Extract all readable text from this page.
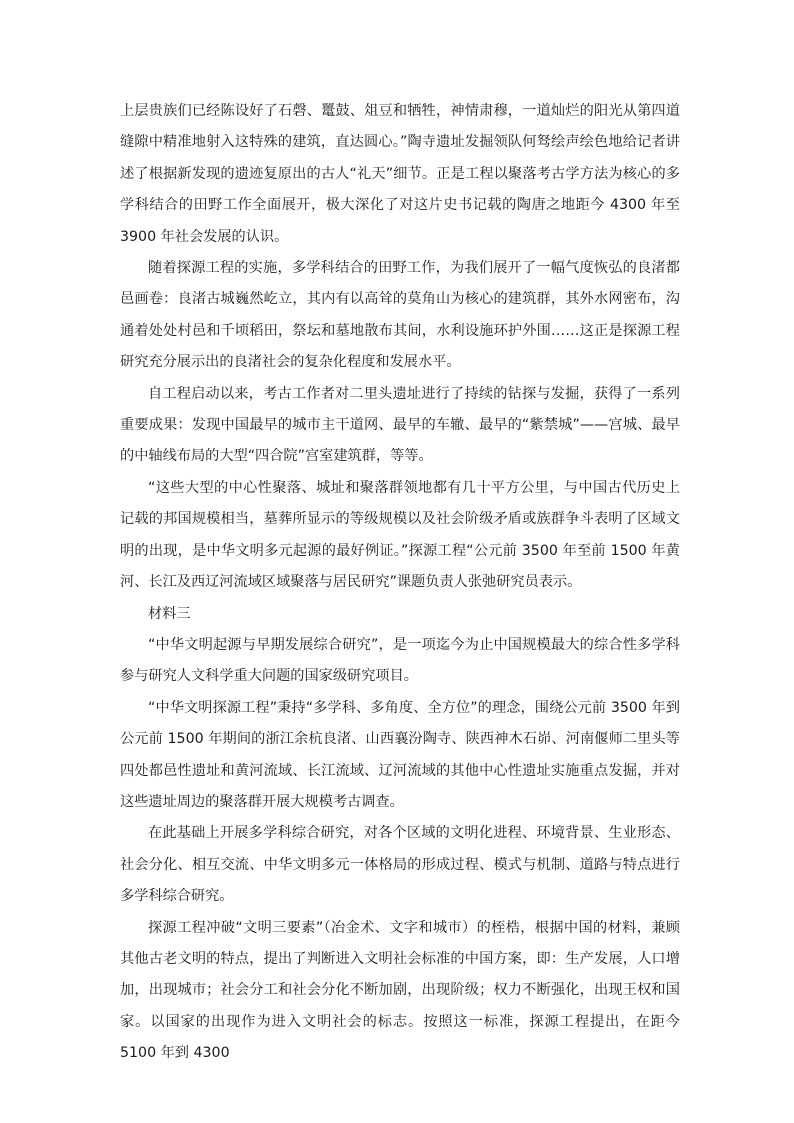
上层贵族们已经陈设好了石磬、鼍鼓、俎豆和牺牲，神情肃穆，一道灿烂的阳光从第四道缝隙中精准地射入这特殊的建筑，直达圆心。”陶寺遗址发掘领队何驽绘声绘色地给记者讲述了根据新发现的遗迹复原出的古人“礼天”细节。正是工程以聚落考古学方法为核心的多学科结合的田野工作全面展开，极大深化了对这片史书记载的陶唐之地距今 4300 年至 3900 年社会发展的认识。

随着探源工程的实施，多学科结合的田野工作，为我们展开了一幅气度恢弘的良渚都邑画卷：良渚古城巍然屹立，其内有以高耸的莫角山为核心的建筑群，其外水网密布，沟通着处处村邑和千顷稻田，祭坛和墓地散布其间，水利设施环护外围……这正是探源工程研究充分展示出的良渚社会的复杂化程度和发展水平。

自工程启动以来，考古工作者对二里头遗址进行了持续的钻探与发掘，获得了一系列重要成果：发现中国最早的城市主干道网、最早的车辙、最早的“紫禁城”——宫城、最早的中轴线布局的大型“四合院”宫室建筑群，等等。

“这些大型的中心性聚落、城址和聚落群领地都有几十平方公里，与中国古代历史上记载的邦国规模相当，墓葬所显示的等级规模以及社会阶级矛盾或族群争斗表明了区域文明的出现，是中华文明多元起源的最好例证。”探源工程“公元前 3500 年至前 1500 年黄河、长江及西辽河流域区域聚落与居民研究”课题负责人张弛研究员表示。

材料三

“中华文明起源与早期发展综合研究”，是一项迄今为止中国规模最大的综合性多学科参与研究人文科学重大问题的国家级研究项目。

“中华文明探源工程”秉持“多学科、多角度、全方位”的理念，围绕公元前 3500 年到公元前 1500 年期间的浙江余杭良渚、山西襄汾陶寺、陕西神木石峁、河南偃师二里头等四处都邑性遗址和黄河流域、长江流域、辽河流域的其他中心性遗址实施重点发掘，并对这些遗址周边的聚落群开展大规模考古调查。

在此基础上开展多学科综合研究，对各个区域的文明化进程、环境背景、生业形态、社会分化、相互交流、中华文明多元一体格局的形成过程、模式与机制、道路与特点进行多学科综合研究。

探源工程冲破“文明三要素”（冶金术、文字和城市）的桎梏，根据中国的材料，兼顾其他古老文明的特点，提出了判断进入文明社会标准的中国方案，即：生产发展，人口增加，出现城市；社会分工和社会分化不断加剧，出现阶级；权力不断强化，出现王权和国家。以国家的出现作为进入文明社会的标志。按照这一标准，探源工程提出，在距今 5100 年到 4300
